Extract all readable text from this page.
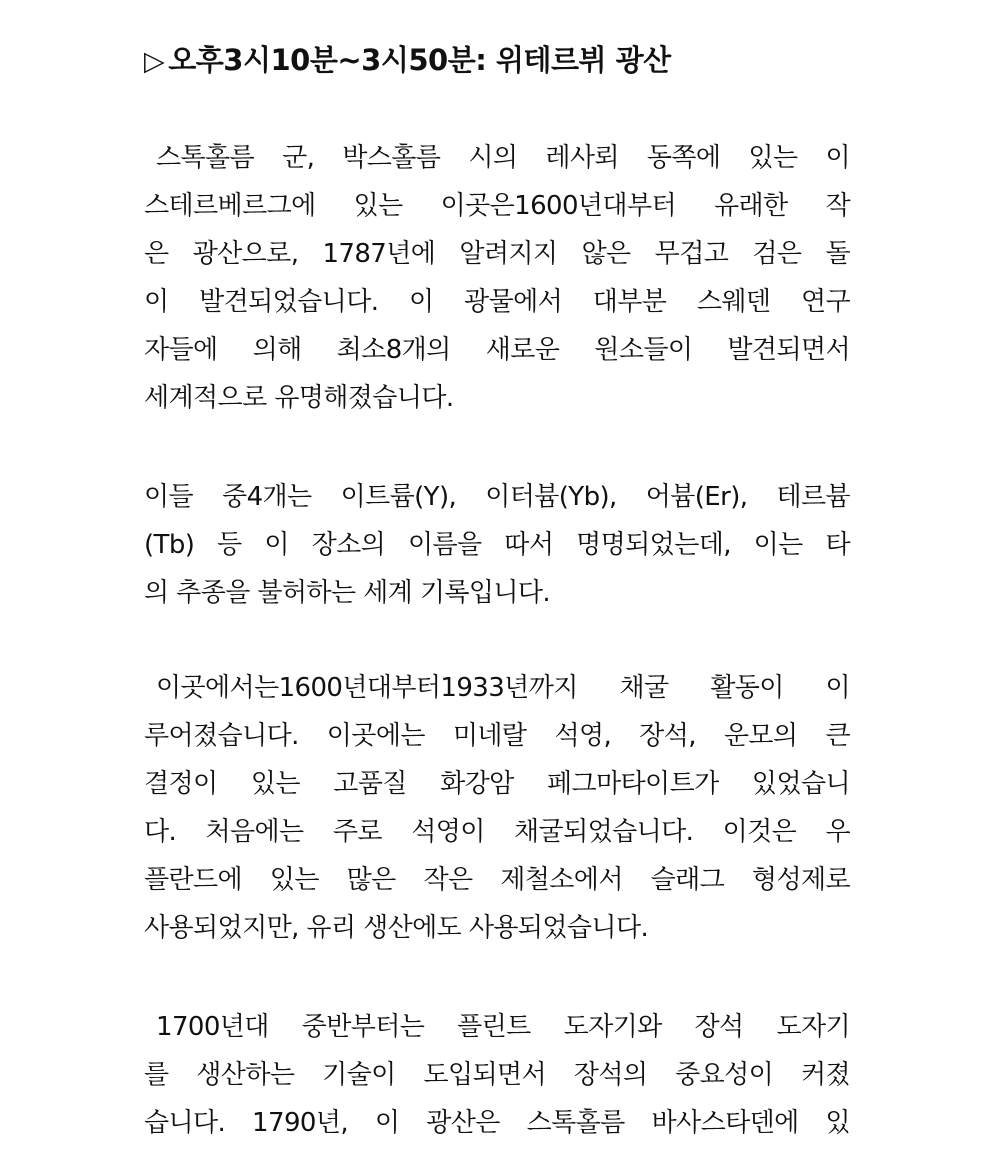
▷ 오후3시10분~3시50분: 위테르뷔 광산
스톡홀름 군, 박스홀름 시의 레사뢰 동쪽에 있는 이
스테르베르그에 있는 이곳은1600년대부터 유래한 작
은 광산으로, 1787년에 알려지지 않은 무겁고 검은 돌
이 발견되었습니다. 이 광물에서 대부분 스웨덴 연구
자들에 의해 최소8개의 새로운 원소들이 발견되면서
세계적으로 유명해졌습니다.
이들 중4개는 이트륨(Y), 이터븀(Yb), 어븀(Er), 테르븀
(Tb) 등 이 장소의 이름을 따서 명명되었는데, 이는 타
의 추종을 불허하는 세계 기록입니다.
이곳에서는1600년대부터1933년까지 채굴 활동이 이
루어졌습니다. 이곳에는 미네랄 석영, 장석, 운모의 큰
결정이 있는 고품질 화강암 페그마타이트가 있었습니
다. 처음에는 주로 석영이 채굴되었습니다. 이것은 우
플란드에 있는 많은 작은 제철소에서 슬래그 형성제로
사용되었지만, 유리 생산에도 사용되었습니다.
1700년대 중반부터는 플린트 도자기와 장석 도자기
를 생산하는 기술이 도입되면서 장석의 중요성이 커졌
습니다. 1790년, 이 광산은 스톡홀름 바사스타덴에 있
